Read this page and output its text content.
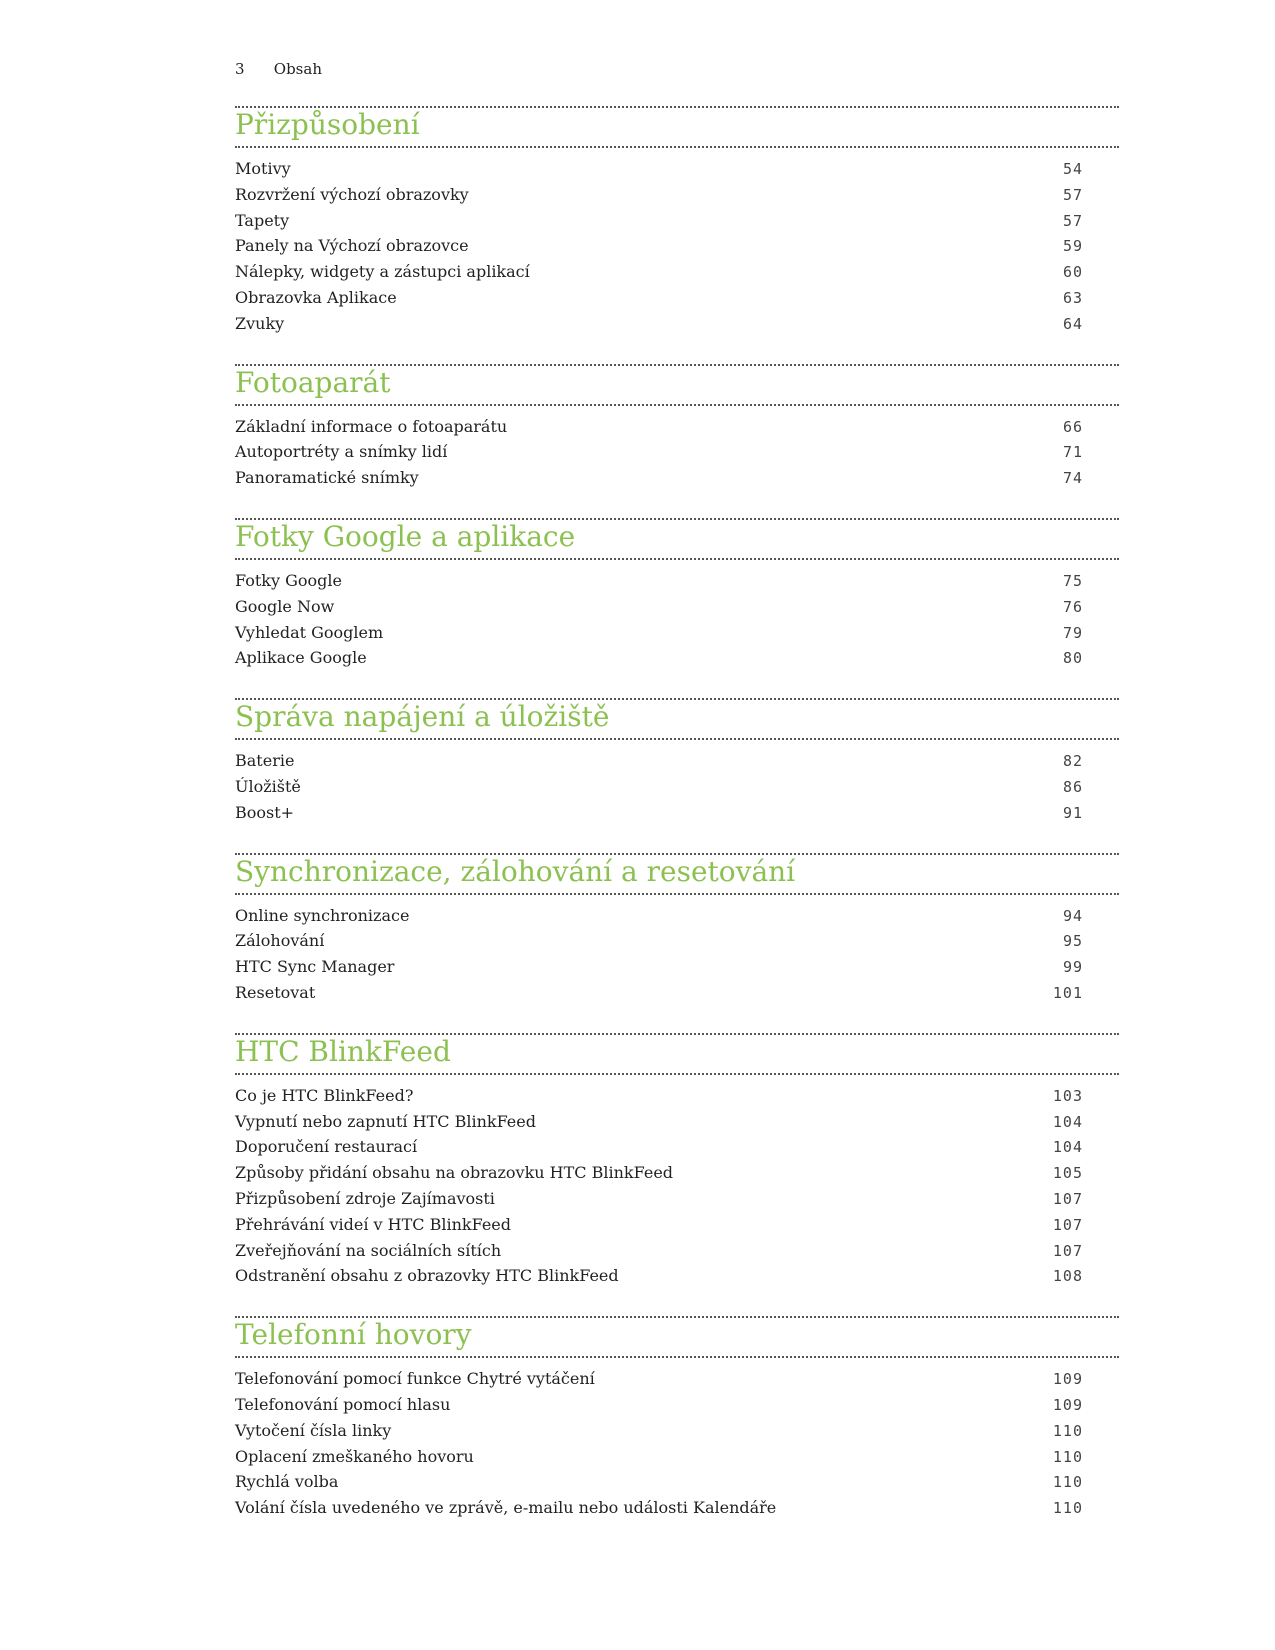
3 Obsah
Přizpůsobení
Motivy	54
Rozvržení výchozí obrazovky	57
Tapety	57
Panely na Výchozí obrazovce	59
Nálepky, widgety a zástupci aplikací	60
Obrazovka Aplikace	63
Zvuky	64
Fotoaparát
Základní informace o fotoaparátu	66
Autoportréty a snímky lidí	71
Panoramatické snímky	74
Fotky Google a aplikace
Fotky Google	75
Google Now	76
Vyhledat Googlem	79
Aplikace Google	80
Správa napájení a úložiště
Baterie	82
Úložiště	86
Boost+	91
Synchronizace, zálohování a resetování
Online synchronizace	94
Zálohování	95
HTC Sync Manager	99
Resetovat	101
HTC BlinkFeed
Co je HTC BlinkFeed?	103
Vypnutí nebo zapnutí HTC BlinkFeed	104
Doporučení restaurací	104
Způsoby přidání obsahu na obrazovku HTC BlinkFeed	105
Přizpůsobení zdroje Zajímavosti	107
Přehrávání videí v HTC BlinkFeed	107
Zveřejňování na sociálních sítích	107
Odstranění obsahu z obrazovky HTC BlinkFeed	108
Telefonní hovory
Telefonování pomocí funkce Chytré vytáčení	109
Telefonování pomocí hlasu	109
Vytočení čísla linky	110
Oplacení zmeškaného hovoru	110
Rychlá volba	110
Volání čísla uvedeného ve zprávě, e-mailu nebo události Kalendáře	110
